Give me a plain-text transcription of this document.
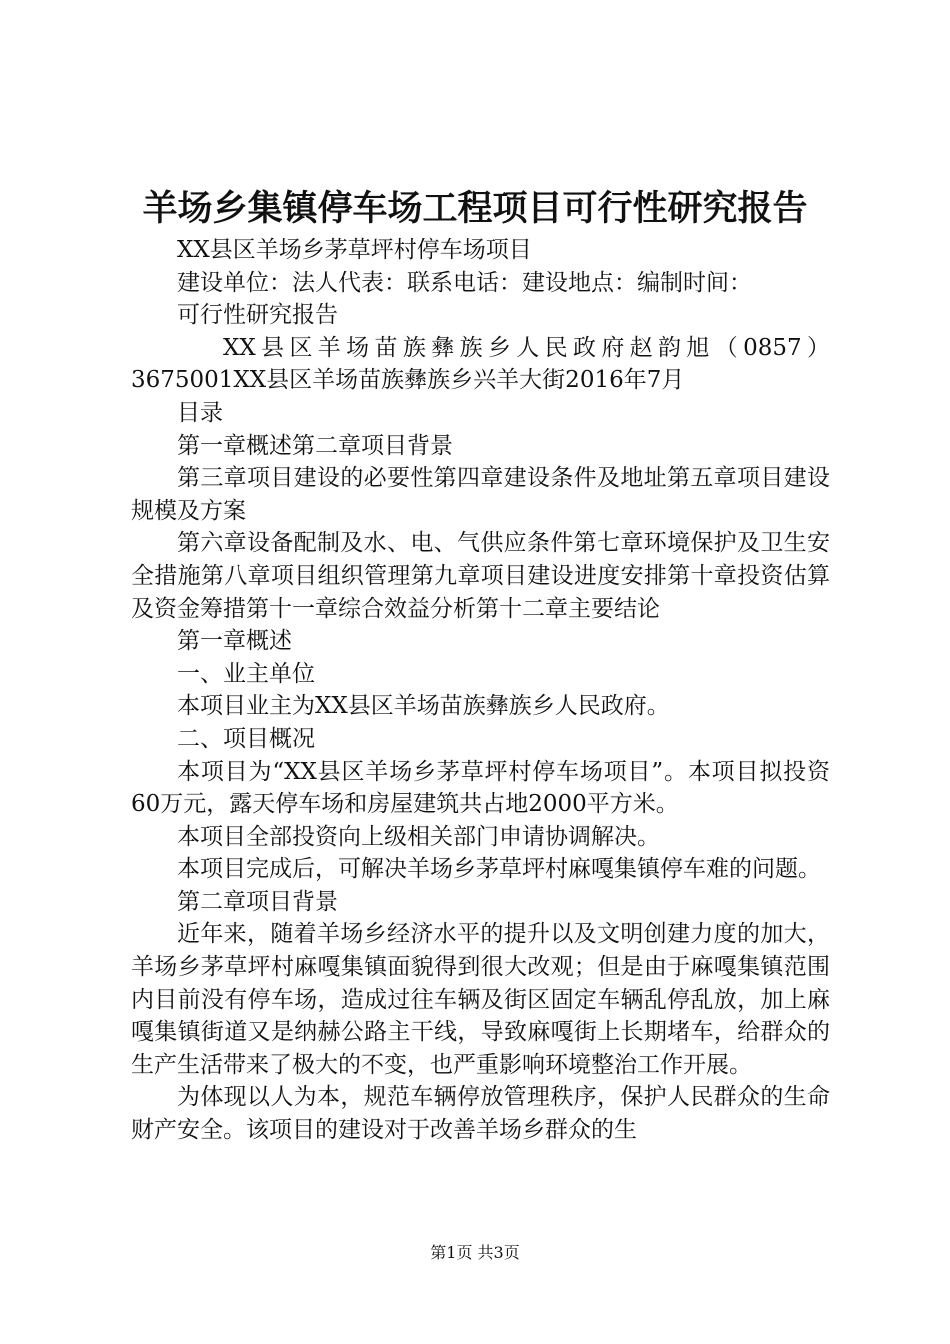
羊场乡集镇停车场工程项目可行性研究报告

XX县区羊场乡茅草坪村停车场项目

建设单位：法人代表：联系电话：建设地点：编制时间：

可行性研究报告

XX县区羊场苗族彝族乡人民政府赵韵旭（0857）3675001XX县区羊场苗族彝族乡兴羊大街2016年7月

目录

第一章概述第二章项目背景

第三章项目建设的必要性第四章建设条件及地址第五章项目建设规模及方案

第六章设备配制及水、电、气供应条件第七章环境保护及卫生安全措施第八章项目组织管理第九章项目建设进度安排第十章投资估算及资金筹措第十一章综合效益分析第十二章主要结论

第一章概述

一、业主单位

本项目业主为XX县区羊场苗族彝族乡人民政府。

二、项目概况

本项目为“XX县区羊场乡茅草坪村停车场项目”。本项目拟投资60万元，露天停车场和房屋建筑共占地2000平方米。

本项目全部投资向上级相关部门申请协调解决。

本项目完成后，可解决羊场乡茅草坪村麻嘎集镇停车难的问题。

第二章项目背景

近年来，随着羊场乡经济水平的提升以及文明创建力度的加大，羊场乡茅草坪村麻嘎集镇面貌得到很大改观；但是由于麻嘎集镇范围内目前没有停车场，造成过往车辆及街区固定车辆乱停乱放，加上麻嘎集镇街道又是纳赫公路主干线，导致麻嘎街上长期堵车，给群众的生产生活带来了极大的不变，也严重影响环境整治工作开展。

为体现以人为本，规范车辆停放管理秩序，保护人民群众的生命财产安全。该项目的建设对于改善羊场乡群众的生

第1页 共3页
